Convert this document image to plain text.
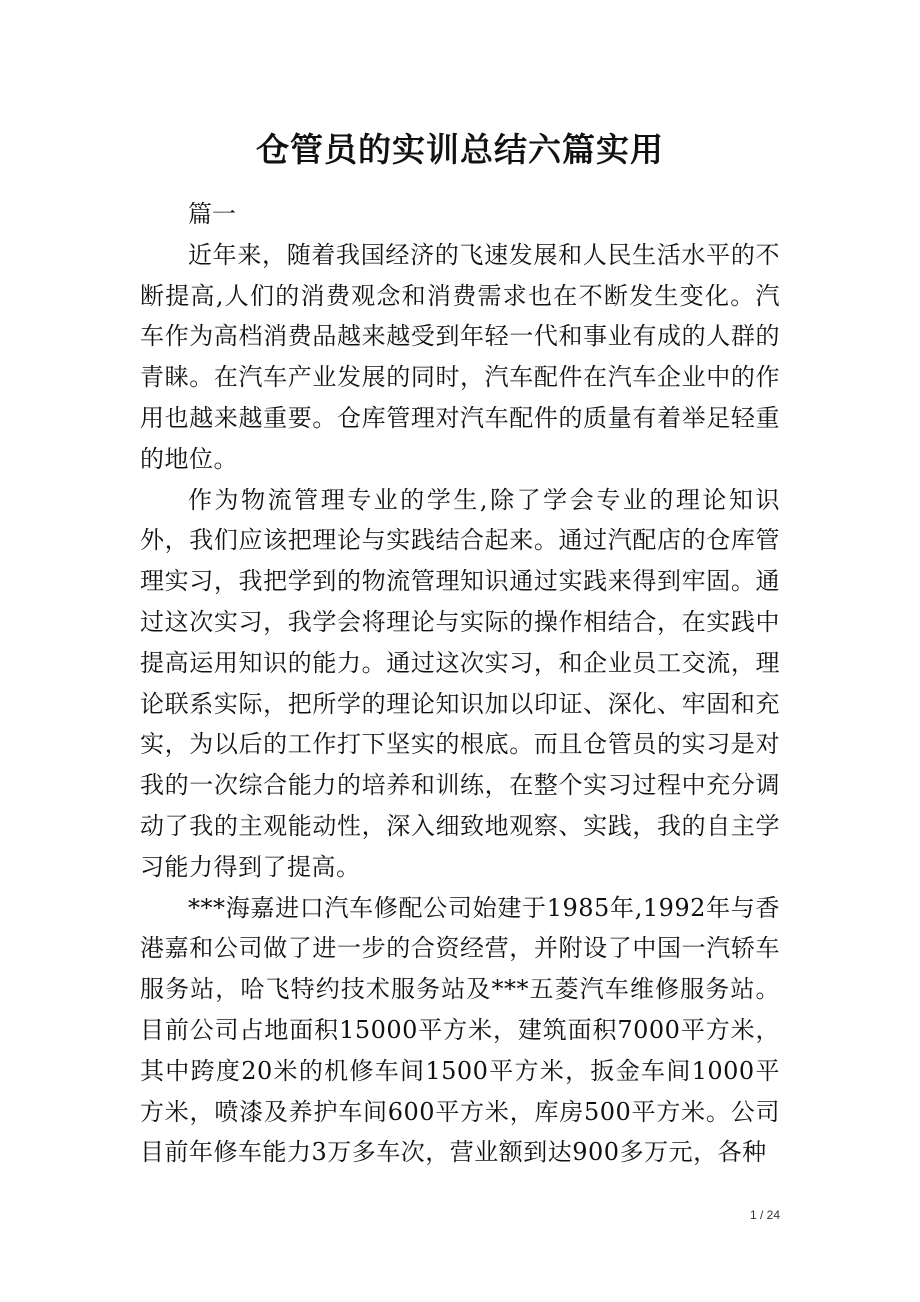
仓管员的实训总结六篇实用

篇一

近年来，随着我国经济的飞速发展和人民生活水平的不断提高,人们的消费观念和消费需求也在不断发生变化。汽车作为高档消费品越来越受到年轻一代和事业有成的人群的青睐。在汽车产业发展的同时，汽车配件在汽车企业中的作用也越来越重要。仓库管理对汽车配件的质量有着举足轻重的地位。

作为物流管理专业的学生,除了学会专业的理论知识外，我们应该把理论与实践结合起来。通过汽配店的仓库管理实习，我把学到的物流管理知识通过实践来得到牢固。通过这次实习，我学会将理论与实际的操作相结合，在实践中提高运用知识的能力。通过这次实习，和企业员工交流，理论联系实际，把所学的理论知识加以印证、深化、牢固和充实，为以后的工作打下坚实的根底。而且仓管员的实习是对我的一次综合能力的培养和训练，在整个实习过程中充分调动了我的主观能动性，深入细致地观察、实践，我的自主学习能力得到了提高。

***海嘉进口汽车修配公司始建于1985年,1992年与香港嘉和公司做了进一步的合资经营，并附设了中国一汽轿车服务站，哈飞特约技术服务站及***五菱汽车维修服务站。目前公司占地面积15000平方米，建筑面积7000平方米，其中跨度20米的机修车间1500平方米，扳金车间1000平方米，喷漆及养护车间600平方米，库房500平方米。公司目前年修车能力3万多车次，营业额到达900多万元，各种

1 / 24
